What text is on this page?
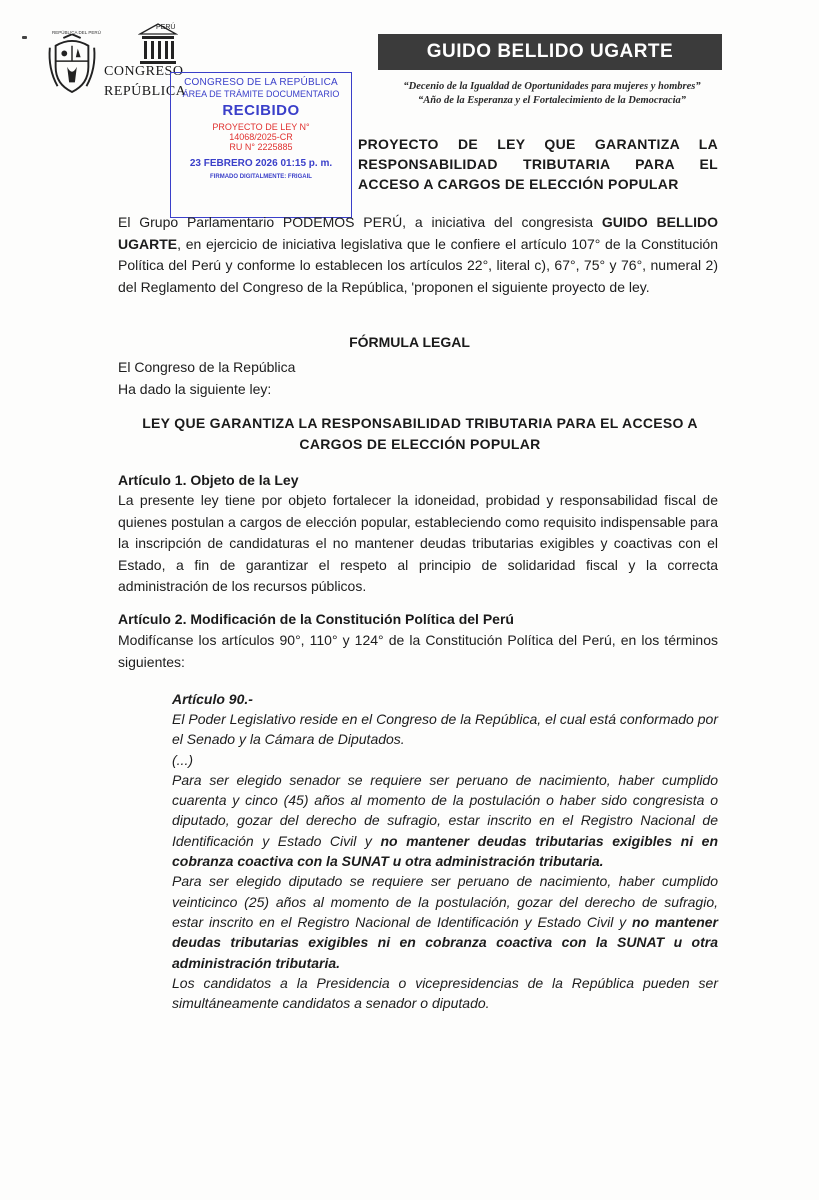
REPÚBLICA DEL PERÚ
PERÚ
CONGRESO
REPÚBLICA
GUIDO BELLIDO UGARTE
“Decenio de la Igualdad de Oportunidades para mujeres y hombres”
“Año de la Esperanza y el Fortalecimiento de la Democracia”
CONGRESO DE LA REPÚBLICA
ÁREA DE TRÁMITE DOCUMENTARIO
RECIBIDO
PROYECTO DE LEY N°
14068/2025-CR
RU N° 2225885
23 FEBRERO 2026 01:15 p. m.
FIRMADO DIGITALMENTE: FRIGAIL
PROYECTO DE LEY QUE GARANTIZA LA RESPONSABILIDAD TRIBUTARIA PARA EL ACCESO A CARGOS DE ELECCIÓN POPULAR
El Grupo Parlamentario PODEMOS PERÚ, a iniciativa del congresista GUIDO BELLIDO UGARTE, en ejercicio de iniciativa legislativa que le confiere el artículo 107° de la Constitución Política del Perú y conforme lo establecen los artículos 22°, literal c), 67°, 75° y 76°, numeral 2) del Reglamento del Congreso de la República, 'proponen el siguiente proyecto de ley.
FÓRMULA LEGAL
El Congreso de la República
Ha dado la siguiente ley:
LEY QUE GARANTIZA LA RESPONSABILIDAD TRIBUTARIA PARA EL ACCESO A
CARGOS DE ELECCIÓN POPULAR
Artículo 1. Objeto de la Ley
La presente ley tiene por objeto fortalecer la idoneidad, probidad y responsabilidad fiscal de quienes postulan a cargos de elección popular, estableciendo como requisito indispensable para la inscripción de candidaturas el no mantener deudas tributarias exigibles y coactivas con el Estado, a fin de garantizar el respeto al principio de solidaridad fiscal y la correcta administración de los recursos públicos.
Artículo 2. Modificación de la Constitución Política del Perú
Modifícanse los artículos 90°, 110° y 124° de la Constitución Política del Perú, en los términos siguientes:
Artículo 90.-

El Poder Legislativo reside en el Congreso de la República, el cual está conformado por el Senado y la Cámara de Diputados.

(...)

Para ser elegido senador se requiere ser peruano de nacimiento, haber cumplido cuarenta y cinco (45) años al momento de la postulación o haber sido congresista o diputado, gozar del derecho de sufragio, estar inscrito en el Registro Nacional de Identificación y Estado Civil y no mantener deudas tributarias exigibles ni en cobranza coactiva con la SUNAT u otra administración tributaria.

Para ser elegido diputado se requiere ser peruano de nacimiento, haber cumplido veinticinco (25) años al momento de la postulación, gozar del derecho de sufragio, estar inscrito en el Registro Nacional de Identificación y Estado Civil y no mantener deudas tributarias exigibles ni en cobranza coactiva con la SUNAT u otra administración tributaria.

Los candidatos a la Presidencia o vicepresidencias de la República pueden ser simultáneamente candidatos a senador o diputado.
